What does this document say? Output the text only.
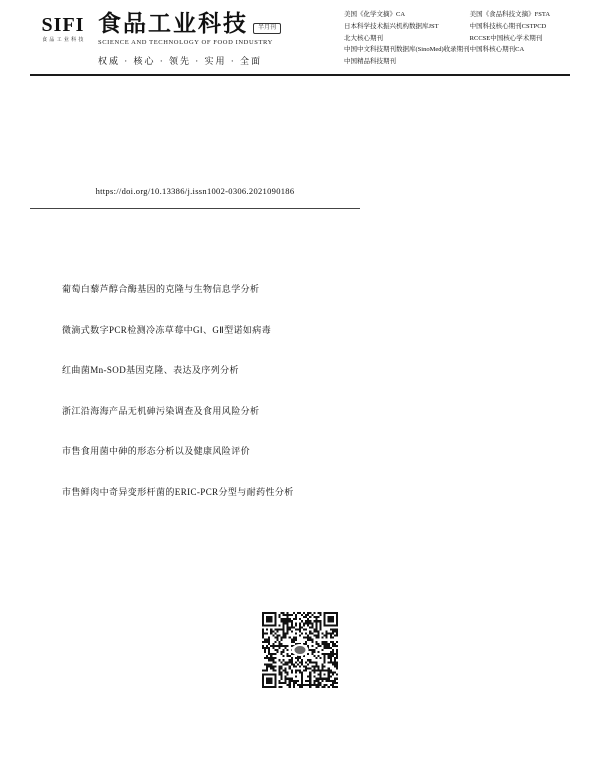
SIFI
食 品 工 业 科 技
食品工业科技	半月刊
SCIENCE AND TECHNOLOGY OF FOOD INDUSTRY
权威 · 核心 · 领先 · 实用 · 全面
美国《化学文摘》CA
日本科学技术振兴机构数据库JST
北大核心期刊
中国中文科技期刊数据库(SinoMed)收录期刊
中国精品科技期刊
美国《食品科技文摘》FSTA
中国科技核心期刊CSTPCD
RCCSE中国核心学术期刊
中国科核心期刊CA
https://doi.org/10.13386/j.issn1002-0306.2021090186
葡萄白藜芦醇合酶基因的克隆与生物信息学分析
微滴式数字PCR检测冷冻草莓中GⅠ、GⅡ型诺如病毒
红曲菌Mn-SOD基因克隆、表达及序列分析
浙江沿海海产品无机砷污染调查及食用风险分析
市售食用菌中砷的形态分析以及健康风险评价
市售鲜肉中奇异变形杆菌的ERIC-PCR分型与耐药性分析
